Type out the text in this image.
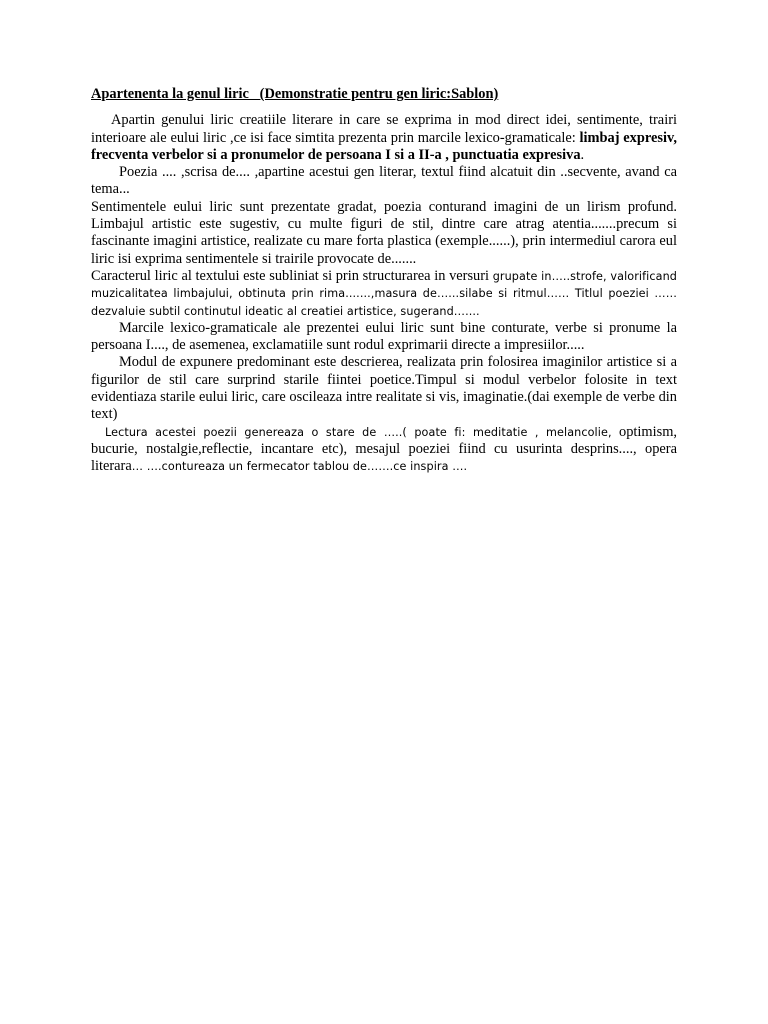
Apartenenta la genul liric   (Demonstratie pentru gen liric:Sablon)

Apartin genului liric creatiile literare in care se exprima in mod direct idei, sentimente, trairi interioare ale eului liric ,ce isi face simtita prezenta prin marcile lexico-gramaticale: limbaj expresiv, frecventa verbelor si a pronumelor de persoana I si a II-a , punctuatia expresiva.

Poezia .... ,scrisa de.... ,apartine acestui gen literar, textul fiind alcatuit din ..secvente, avand ca tema...

Sentimentele eului liric sunt prezentate gradat, poezia conturand imagini de un lirism profund. Limbajul artistic este sugestiv, cu multe figuri de stil, dintre care atrag atentia.......precum si fascinante imagini artistice, realizate cu mare forta plastica (exemple......), prin intermediul carora eul liric isi exprima sentimentele si trairile provocate de.......

Caracterul liric al textului este subliniat si prin structurarea in versuri grupate in…..strofe, valorificand muzicalitatea limbajului, obtinuta prin rima.......,masura de…...silabe si ritmul…… Titlul poeziei ……dezvaluie subtil continutul ideatic al creatiei artistice, sugerand…....

Marcile lexico-gramaticale ale prezentei eului liric sunt bine conturate, verbe si pronume la persoana I...., de asemenea, exclamatiile sunt rodul exprimarii directe a impresiilor.....

Modul de expunere predominant este descrierea, realizata prin folosirea imaginilor artistice si a figurilor de stil care surprind starile fiintei poetice.Timpul si modul verbelor folosite in text evidentiaza starile eului liric, care oscileaza intre realitate si vis, imaginatie.(dai exemple de verbe din text)

Lectura acestei poezii genereaza o stare de …..( poate fi: meditatie , melancolie, optimism, bucurie, nostalgie,reflectie, incantare etc), mesajul poeziei fiind cu usurinta desprins...., opera literara… ….contureaza un fermecator tablou de…….ce inspira ….
